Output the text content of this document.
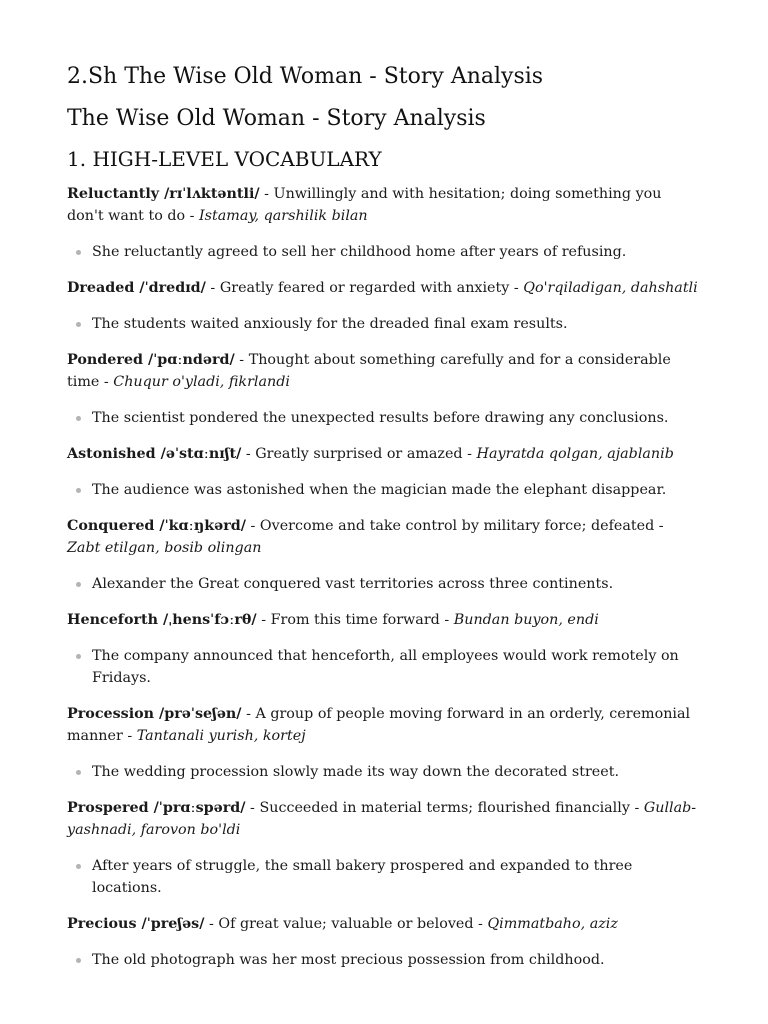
2.Sh The Wise Old Woman - Story Analysis
The Wise Old Woman - Story Analysis
1. HIGH-LEVEL VOCABULARY

Reluctantly /rɪˈlʌktəntli/ - Unwillingly and with hesitation; doing something you don't want to do - Istamay, qarshilik bilan

She reluctantly agreed to sell her childhood home after years of refusing.

Dreaded /ˈdredɪd/ - Greatly feared or regarded with anxiety - Qo'rqiladigan, dahshatli

The students waited anxiously for the dreaded final exam results.

Pondered /ˈpɑːndərd/ - Thought about something carefully and for a considerable time - Chuqur o'yladi, fikrlandi

The scientist pondered the unexpected results before drawing any conclusions.

Astonished /əˈstɑːnɪʃt/ - Greatly surprised or amazed - Hayratda qolgan, ajablanib

The audience was astonished when the magician made the elephant disappear.

Conquered /ˈkɑːŋkərd/ - Overcome and take control by military force; defeated - Zabt etilgan, bosib olingan

Alexander the Great conquered vast territories across three continents.

Henceforth /ˌhensˈfɔːrθ/ - From this time forward - Bundan buyon, endi

The company announced that henceforth, all employees would work remotely on Fridays.

Procession /prəˈseʃən/ - A group of people moving forward in an orderly, ceremonial manner - Tantanali yurish, kortej

The wedding procession slowly made its way down the decorated street.

Prospered /ˈprɑːspərd/ - Succeeded in material terms; flourished financially - Gullab-yashnadi, farovon bo'ldi

After years of struggle, the small bakery prospered and expanded to three locations.

Precious /ˈpreʃəs/ - Of great value; valuable or beloved - Qimmatbaho, aziz

The old photograph was her most precious possession from childhood.
